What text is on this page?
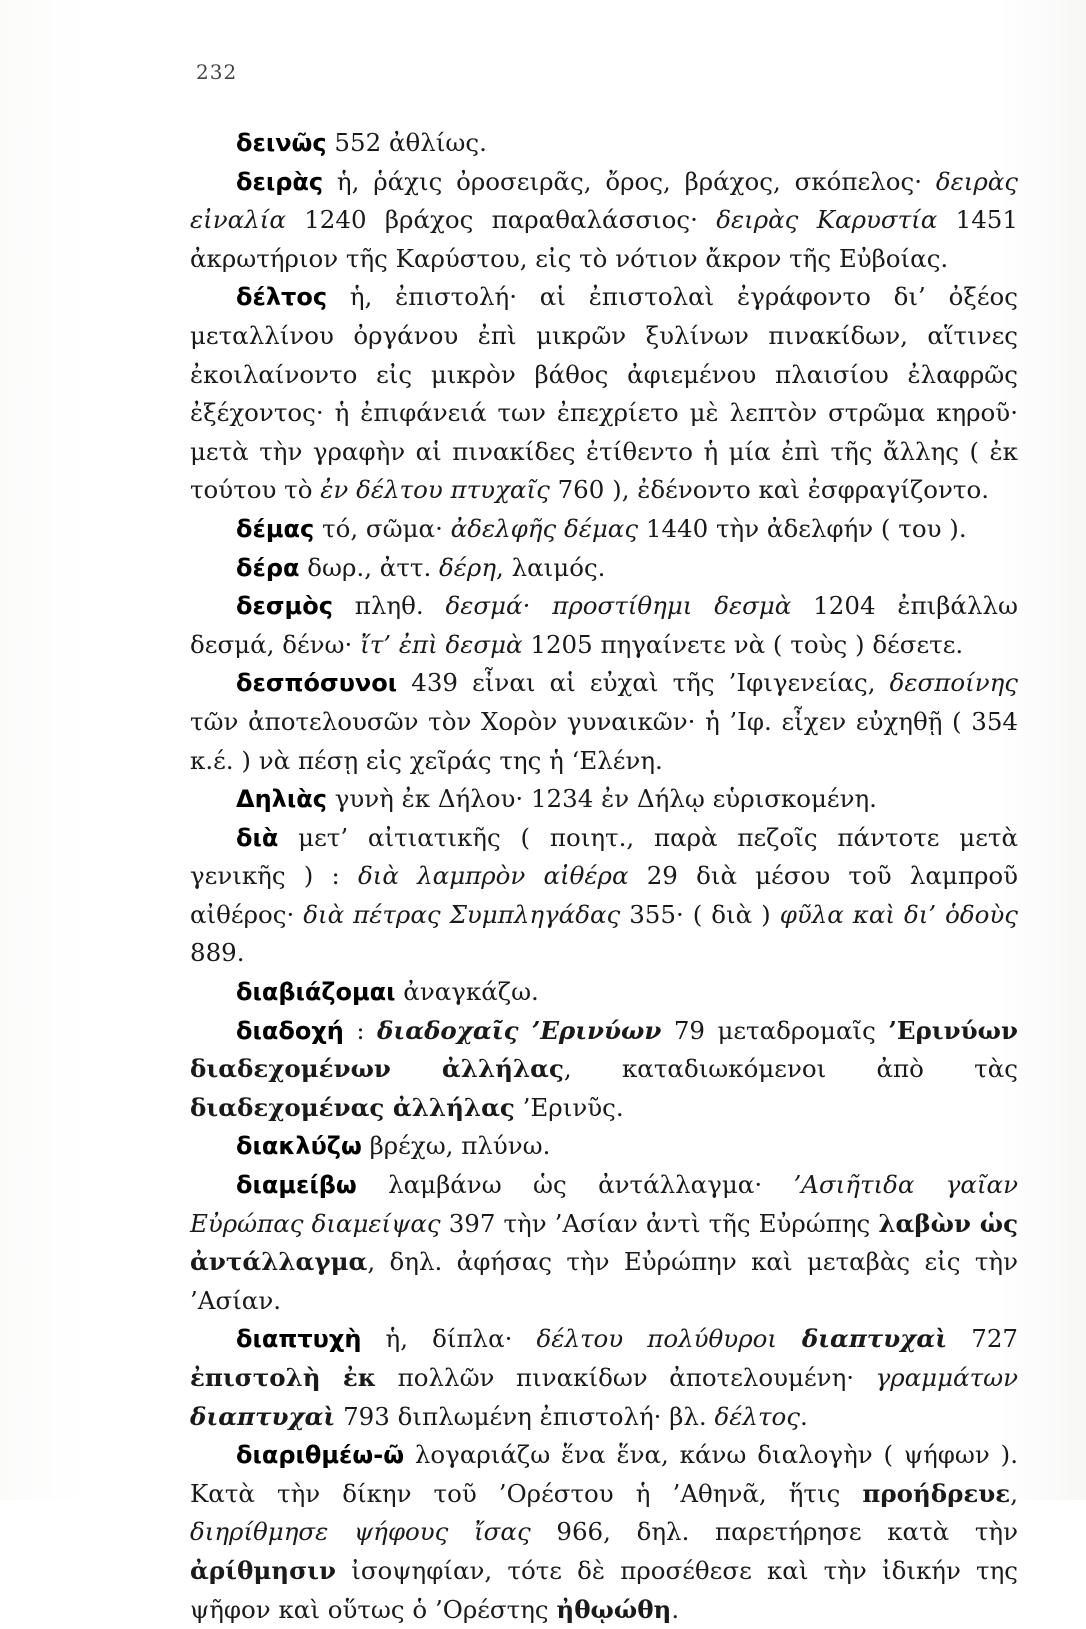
232

δεινῶς 552 ἀθλίως.

δειρὰς ἡ, ῥάχις ὀροσειρᾶς, ὄρος, βράχος, σκόπελος· δειρὰς εἰναλία 1240 βράχος παραθαλάσσιος· δειρὰς Καρυστία 1451 ἀκρωτήριον τῆς Καρύστου, εἰς τὸ νότιον ἄκρον τῆς Εὐβοίας.

δέλτος ἡ, ἐπιστολή· αἱ ἐπιστολαὶ ἐγράφοντο δι’ ὀξέος μεταλλίνου ὀργάνου ἐπὶ μικρῶν ξυλίνων πινακίδων, αἵτινες ἐκοιλαίνοντο εἰς μικρὸν βάθος ἀφιεμένου πλαισίου ἐλαφρῶς ἐξέχοντος· ἡ ἐπιφάνειά των ἐπεχρίετο μὲ λεπτὸν στρῶμα κηροῦ· μετὰ τὴν γραφὴν αἱ πινακίδες ἐτίθεντο ἡ μία ἐπὶ τῆς ἄλλης ( ἐκ τούτου τὸ ἐν δέλτου πτυχαῖς 760 ), ἐδένοντο καὶ ἐσφραγίζοντο.

δέμας τό, σῶμα· ἀδελφῆς δέμας 1440 τὴν ἀδελφήν ( του ).

δέρα δωρ., ἀττ. δέρη, λαιμός.

δεσμὸς πληθ. δεσμά· προστίθημι δεσμὰ 1204 ἐπιβάλλω δεσμά, δένω· ἴτ’ ἐπὶ δεσμὰ 1205 πηγαίνετε νὰ ( τοὺς ) δέσετε.

δεσπόσυνοι 439 εἶναι αἱ εὐχαὶ τῆς ’Ιφιγενείας, δεσποίνης τῶν ἀποτελουσῶν τὸν Χορὸν γυναικῶν· ἡ ’Ιφ. εἶχεν εὐχηθῇ ( 354 κ.έ. ) νὰ πέσῃ εἰς χεῖράς της ἡ ‘Ελένη.

Δηλιὰς γυνὴ ἐκ Δήλου· 1234 ἐν Δήλῳ εὑρισκομένη.

διὰ μετ’ αἰτιατικῆς ( ποιητ., παρὰ πεζοῖς πάντοτε μετὰ γενικῆς ) : διὰ λαμπρὸν αἰθέρα 29 διὰ μέσου τοῦ λαμπροῦ αἰθέρος· διὰ πέτρας Συμπληγάδας 355· ( διὰ ) φῦλα καὶ δι’ ὁδοὺς 889.

διαβιάζομαι ἀναγκάζω.

διαδοχή : διαδοχαῖς ’Ερινύων 79 μεταδρομαῖς ’Ερινύων διαδεχομένων ἀλλήλας, καταδιωκόμενοι ἀπὸ τὰς διαδεχομένας ἀλλήλας ’Ερινῦς.

διακλύζω βρέχω, πλύνω.

διαμείβω λαμβάνω ὡς ἀντάλλαγμα· ’Ασιῆτιδα γαῖαν Εὐρώπας διαμείψας 397 τὴν ’Ασίαν ἀντὶ τῆς Εὐρώπης λαβὼν ὡς ἀντάλλαγμα, δηλ. ἀφήσας τὴν Εὐρώπην καὶ μεταβὰς εἰς τὴν ’Ασίαν.

διαπτυχὴ ἡ, δίπλα· δέλτου πολύθυροι διαπτυχαὶ 727 ἐπιστολὴ ἐκ πολλῶν πινακίδων ἀποτελουμένη· γραμμάτων διαπτυχαὶ 793 διπλωμένη ἐπιστολή· βλ. δέλτος.

διαριθμέω-ῶ λογαριάζω ἕνα ἕνα, κάνω διαλογὴν ( ψήφων ). Κατὰ τὴν δίκην τοῦ ’Ορέστου ἡ ’Αθηνᾶ, ἥτις προήδρευε, διηρίθμησε ψήφους ἴσας 966, δηλ. παρετήρησε κατὰ τὴν ἀρίθμησιν ἰσοψηφίαν, τότε δὲ προσέθεσε καὶ τὴν ἰδικήν της ψῆφον καὶ οὕτως ὁ ’Ορέστης ἠθῳώθη.
